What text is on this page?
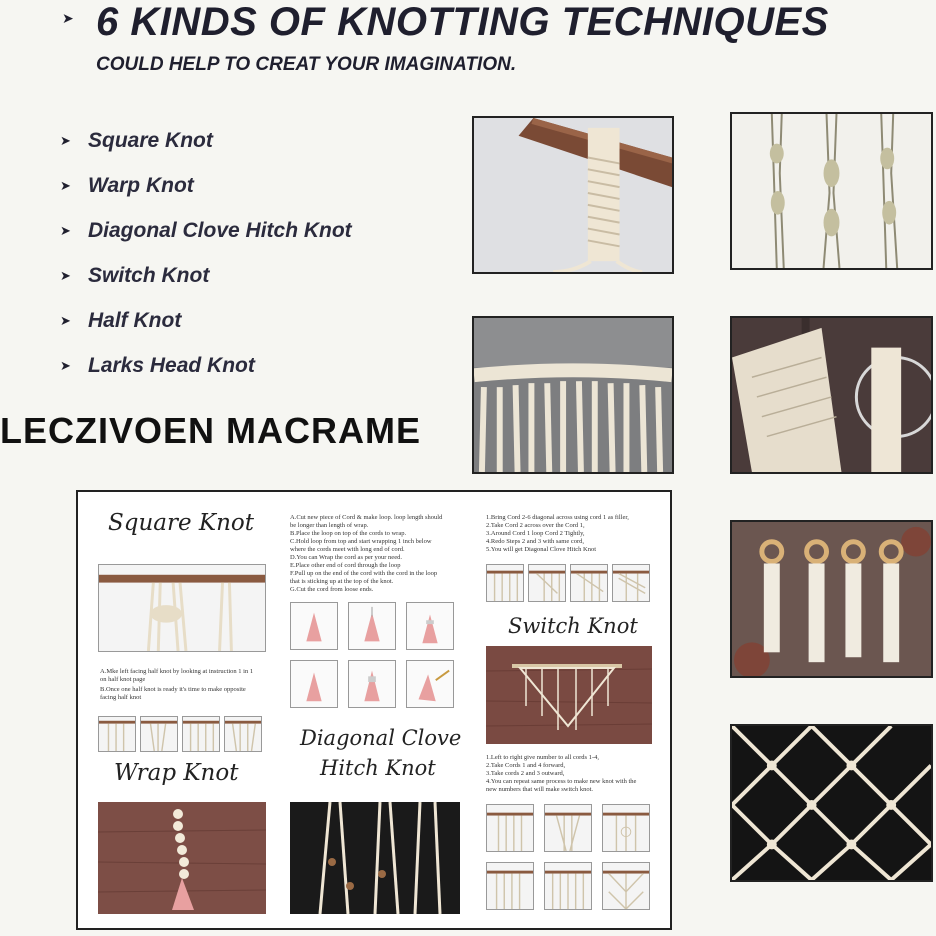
➤ 6 KINDS OF KNOTTING TECHNIQUES
COULD HELP TO CREAT YOUR IMAGINATION.
➤ Square Knot
➤ Warp Knot
➤ Diagonal Clove Hitch Knot
➤ Switch Knot
➤ Half Knot
➤ Larks Head Knot
LECZIVOEN MACRAME
Square Knot
A.Mke left facing half knot by looking at instruction 1 in 1
on half knot page
B.Once one half knot is ready it's time to make opposite
facing half knot
Wrap Knot
A.Cut new piece of Cord & make loop. loop length should
be longer than length of wrap.
B.Place the loop on top of the cords to wrap.
C.Hold loop from top and start wrapping 1 inch below
where the cords meet with long end of cord.
D.You can Wrap the cord as per your need.
E.Place other end of cord through the loop
F.Pull up on the end of the cord with the cord in the loop
that is sticking up at the top of the knot.
G.Cut the cord from loose ends.
Diagonal Clove
Hitch Knot
1.Bring Cord 2-6 diagonal across using cord 1 as filler,
2.Take Cord 2 across over the Cord 1,
3.Around Cord 1 loop Cord 2 Tightly,
4.Redo Steps 2 and 3 with same cord,
5.You will get Diagonal Clove Hitch Knot
Switch Knot
1.Left to right give number to all cords 1-4,
2.Take Cords 1 and 4 forward,
3.Take cords 2 and 3 outward,
4.You can repeat same process to make new knot with the
new numbers that will make switch knot.
